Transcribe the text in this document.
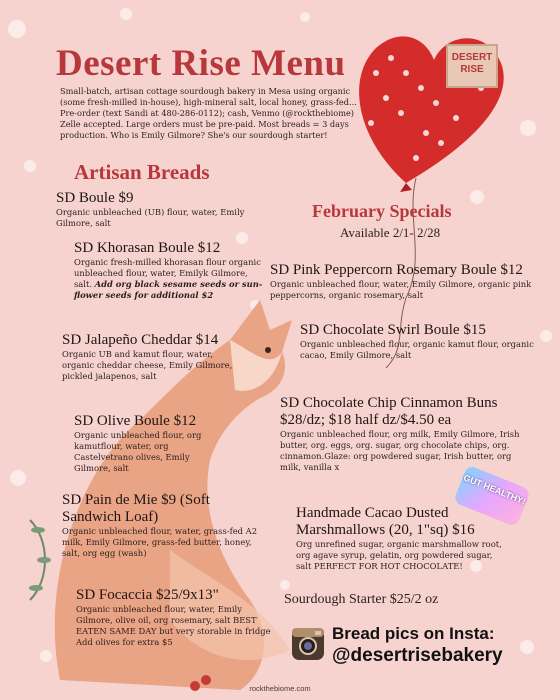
DESERT RISE
Desert Rise Menu
Small-batch, artisan cottage sourdough bakery in Mesa using organic (some fresh-milled in-house), high-mineral salt, local honey, grass-fed... Pre-order (text Sandi at 480-286-0112); cash, Venmo (@rockthebiome) Zelle accepted. Large orders must be pre-paid. Most breads = 3 days production. Who is Emily Gilmore? She's our sourdough starter!
Artisan Breads
SD Boule $9
Organic unbleached (UB) flour, water, Emily Gilmore, salt
SD Khorasan Boule $12
Organic fresh-milled khorasan flour organic unbleached flour, water, Emilyk Gilmore, salt. Add org black sesame seeds or sun-flower seeds for additional $2
SD Jalapeño Cheddar $14
Organic UB and kamut flour, water, organic cheddar cheese, Emily Gilmore, pickled jalapenos, salt
SD Olive Boule $12
Organic unbleached flour, org kamutflour, water, org Castelvetrano olives, Emily Gilmore, salt
SD Pain de Mie $9 (Soft Sandwich Loaf)
Organic unbleached flour, water, grass-fed A2 milk, Emily Gilmore, grass-fed butter, honey, salt, org egg (wash)
SD Focaccia $25/9x13"
Organic unbleached flour, water, Emily Gilmore, olive oil, org rosemary, salt BEST EATEN SAME DAY but very storable in fridge Add olives for extra $5
February Specials
Available 2/1- 2/28
SD Pink Peppercorn Rosemary Boule $12
Organic unbleached flour, water, Emily Gilmore, organic pink peppercorns, organic rosemary, salt
SD Chocolate Swirl Boule $15
Organic unbleached flour, organic kamut flour, organic cacao, Emily Gilmore, salt
SD Chocolate Chip Cinnamon Buns $28/dz; $18 half dz/$4.50 ea
Organic unbleached flour, org milk, Emily Gilmore, Irish butter, org. eggs, org. sugar, org chocolate chips, org. cinnamon.Glaze: org powdered sugar, Irish butter, org milk, vanilla x
Handmade Cacao Dusted Marshmallows (20, 1"sq) $16
Org unrefined sugar, organic marshmallow root, org agave syrup, gelatin, org powdered sugar, salt PERFECT FOR HOT CHOCOLATE!
Sourdough Starter $25/2 oz
GUT HEALTHY!
Bread pics on Insta:
@desertrisebakery
rockthebiome.com
